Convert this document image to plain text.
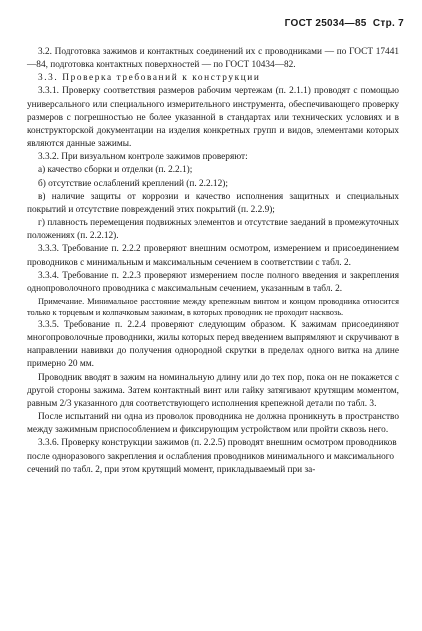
ГОСТ 25034—85 Стр. 7

3.2. Подготовка зажимов и контактных соединений их с проводниками — по ГОСТ 17441—84, подготовка контактных поверхностей — по ГОСТ 10434—82.

3.3. Проверка требований к конструкции

3.3.1. Проверку соответствия размеров рабочим чертежам (п. 2.1.1) проводят с помощью универсального или специального измерительного инструмента, обеспечивающего проверку размеров с погрешностью не более указанной в стандартах или технических условиях и в конструкторской документации на изделия конкретных групп и видов, элементами которых являются данные зажимы.

3.3.2. При визуальном контроле зажимов проверяют:

а) качество сборки и отделки (п. 2.2.1);

б) отсутствие ослаблений креплений (п. 2.2.12);

в) наличие защиты от коррозии и качество исполнения защитных и специальных покрытий и отсутствие повреждений этих покрытий (п. 2.2.9);

г) плавность перемещения подвижных элементов и отсутствие заеданий в промежуточных положениях (п. 2.2.12).

3.3.3. Требование п. 2.2.2 проверяют внешним осмотром, измерением и присоединением проводников с минимальным и максимальным сечением в соответствии с табл. 2.

3.3.4. Требование п. 2.2.3 проверяют измерением после полного введения и закрепления однопроволочного проводника с максимальным сечением, указанным в табл. 2.

Примечание. Минимальное расстояние между крепежным винтом и концом проводника относится только к торцевым и колпачковым зажимам, в которых проводник не проходит насквозь.

3.3.5. Требование п. 2.2.4 проверяют следующим образом. К зажимам присоединяют многопроволочные проводники, жилы которых перед введением выпрямляют и скручивают в направлении навивки до получения однородной скрутки в пределах одного витка на длине примерно 20 мм.

Проводник вводят в зажим на номинальную длину или до тех пор, пока он не покажется с другой стороны зажима. Затем контактный винт или гайку затягивают крутящим моментом, равным 2/3 указанного для соответствующего исполнения крепежной детали по табл. 3.

После испытаний ни одна из проволок проводника не должна проникнуть в пространство между зажимным приспособлением и фиксирующим устройством или пройти сквозь него.

3.3.6. Проверку конструкции зажимов (п. 2.2.5) проводят внешним осмотром проводников после одноразового закрепления и ослабления проводников минимального и максимального сечений по табл. 2, при этом крутящий момент, прикладываемый при за-
